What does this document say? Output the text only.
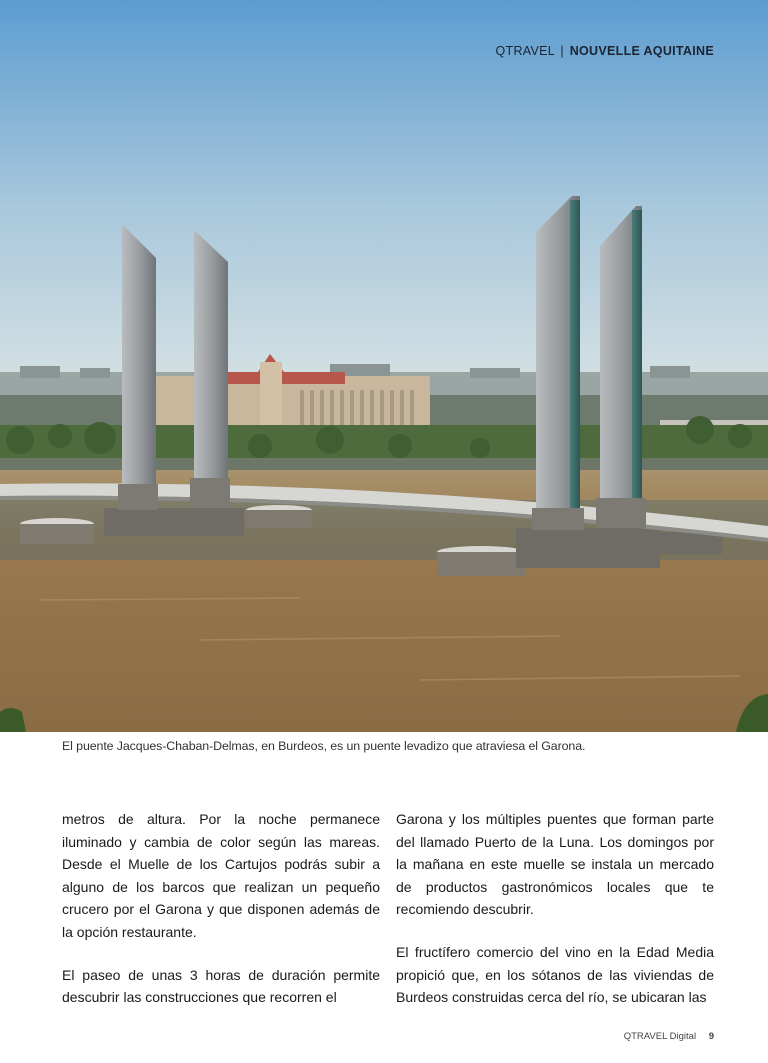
QTRAVEL | NOUVELLE AQUITAINE
El puente Jacques-Chaban-Delmas, en Burdeos, es un puente levadizo que atraviesa el Garona.

metros de altura. Por la noche permanece iluminado y cambia de color según las mareas. Desde el Muelle de los Cartujos podrás subir a alguno de los barcos que realizan un pequeño crucero por el Garona y que disponen además de la opción restaurante.

El paseo de unas 3 horas de duración permite descubrir las construcciones que recorren el

Garona y los múltiples puentes que forman parte del llamado Puerto de la Luna. Los domingos por la mañana en este muelle se instala un mercado de productos gastronómicos locales que te recomiendo descubrir.

El fructífero comercio del vino en la Edad Media propició que, en los sótanos de las viviendas de Burdeos construidas cerca del río, se ubicaran las

QTRAVEL Digital 9
